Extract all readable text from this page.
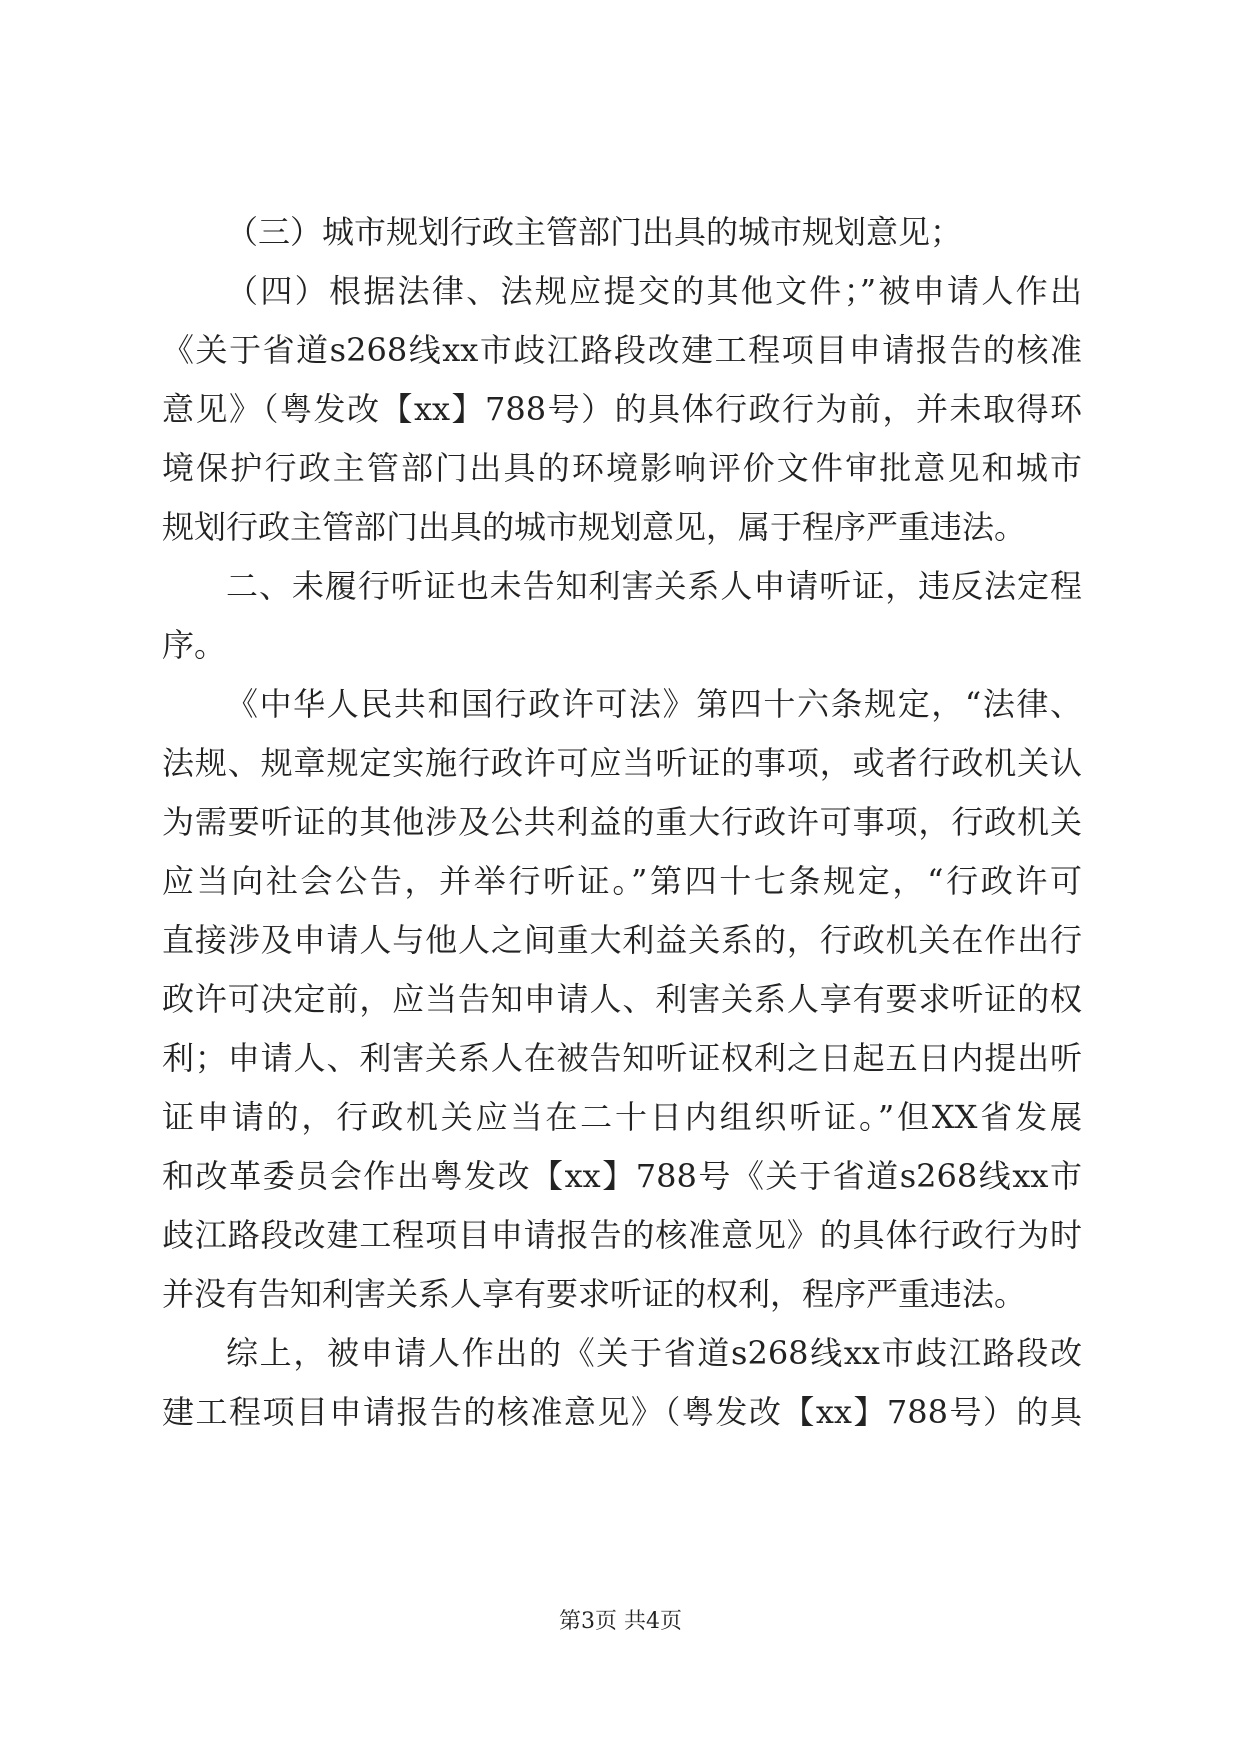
（三）城市规划行政主管部门出具的城市规划意见；
（四）根据法律、法规应提交的其他文件；”被申请人作出
《关于省道s268线xx市歧江路段改建工程项目申请报告的核准
意见》（粤发改【xx】788号）的具体行政行为前，并未取得环
境保护行政主管部门出具的环境影响评价文件审批意见和城市
规划行政主管部门出具的城市规划意见，属于程序严重违法。
二、未履行听证也未告知利害关系人申请听证，违反法定程
序。
《中华人民共和国行政许可法》第四十六条规定，“法律、
法规、规章规定实施行政许可应当听证的事项，或者行政机关认
为需要听证的其他涉及公共利益的重大行政许可事项，行政机关
应当向社会公告，并举行听证。”第四十七条规定，“行政许可
直接涉及申请人与他人之间重大利益关系的，行政机关在作出行
政许可决定前，应当告知申请人、利害关系人享有要求听证的权
利；申请人、利害关系人在被告知听证权利之日起五日内提出听
证申请的，行政机关应当在二十日内组织听证。”但XX省发展
和改革委员会作出粤发改【xx】788号《关于省道s268线xx市
歧江路段改建工程项目申请报告的核准意见》的具体行政行为时
并没有告知利害关系人享有要求听证的权利，程序严重违法。
综上，被申请人作出的《关于省道s268线xx市歧江路段改
建工程项目申请报告的核准意见》（粤发改【xx】788号）的具
第3页 共4页
